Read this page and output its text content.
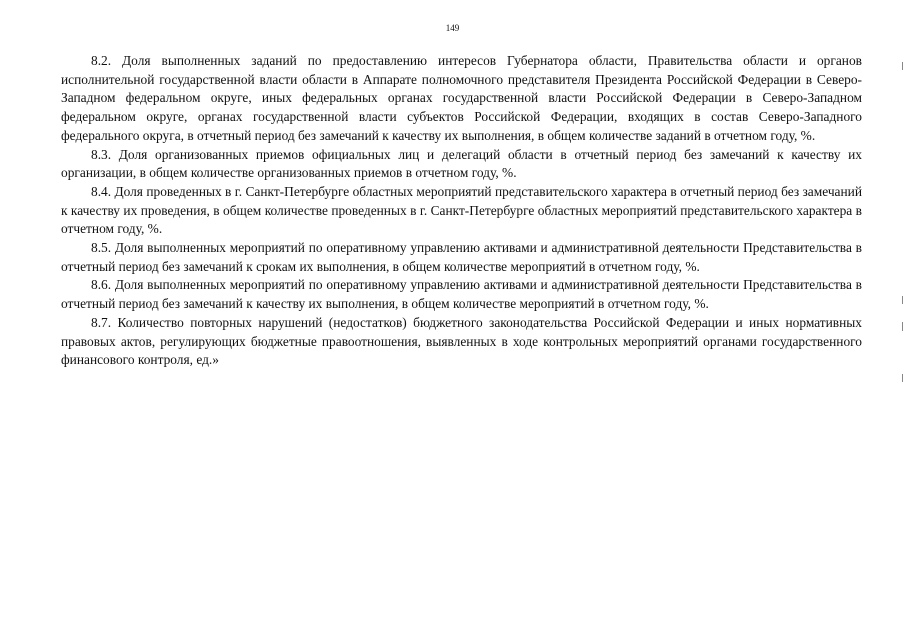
149

8.2. Доля выполненных заданий по предоставлению интересов Губернатора области, Правительства области и органов исполнительной государственной власти области в Аппарате полномочного представителя Президента Российской Федерации в Северо-Западном федеральном округе, иных федеральных органах государственной власти Российской Федерации в Северо-Западном федеральном округе, органах государственной власти субъектов Российской Федерации, входящих в состав Северо-Западного федерального округа, в отчетный период без замечаний к качеству их выполнения, в общем количестве заданий в отчетном году, %.

8.3. Доля организованных приемов официальных лиц и делегаций области в отчетный период без замечаний к качеству их организации, в общем количестве организованных приемов в отчетном году, %.

8.4. Доля проведенных в г. Санкт-Петербурге областных мероприятий представительского характера в отчетный период без замечаний к качеству их проведения, в общем количестве проведенных в г. Санкт-Петербурге областных мероприятий представительского характера в отчетном году, %.

8.5. Доля выполненных мероприятий по оперативному управлению активами и административной деятельности Представительства в отчетный период без замечаний к срокам их выполнения, в общем количестве мероприятий в отчетном году, %.

8.6. Доля выполненных мероприятий по оперативному управлению активами и административной деятельности Представительства в отчетный период без замечаний к качеству их выполнения, в общем количестве мероприятий в отчетном году, %.

8.7. Количество повторных нарушений (недостатков) бюджетного законодательства Российской Федерации и иных нормативных правовых актов, регулирующих бюджетные правоотношения, выявленных в ходе контрольных мероприятий органами государственного финансового контроля, ед.»
